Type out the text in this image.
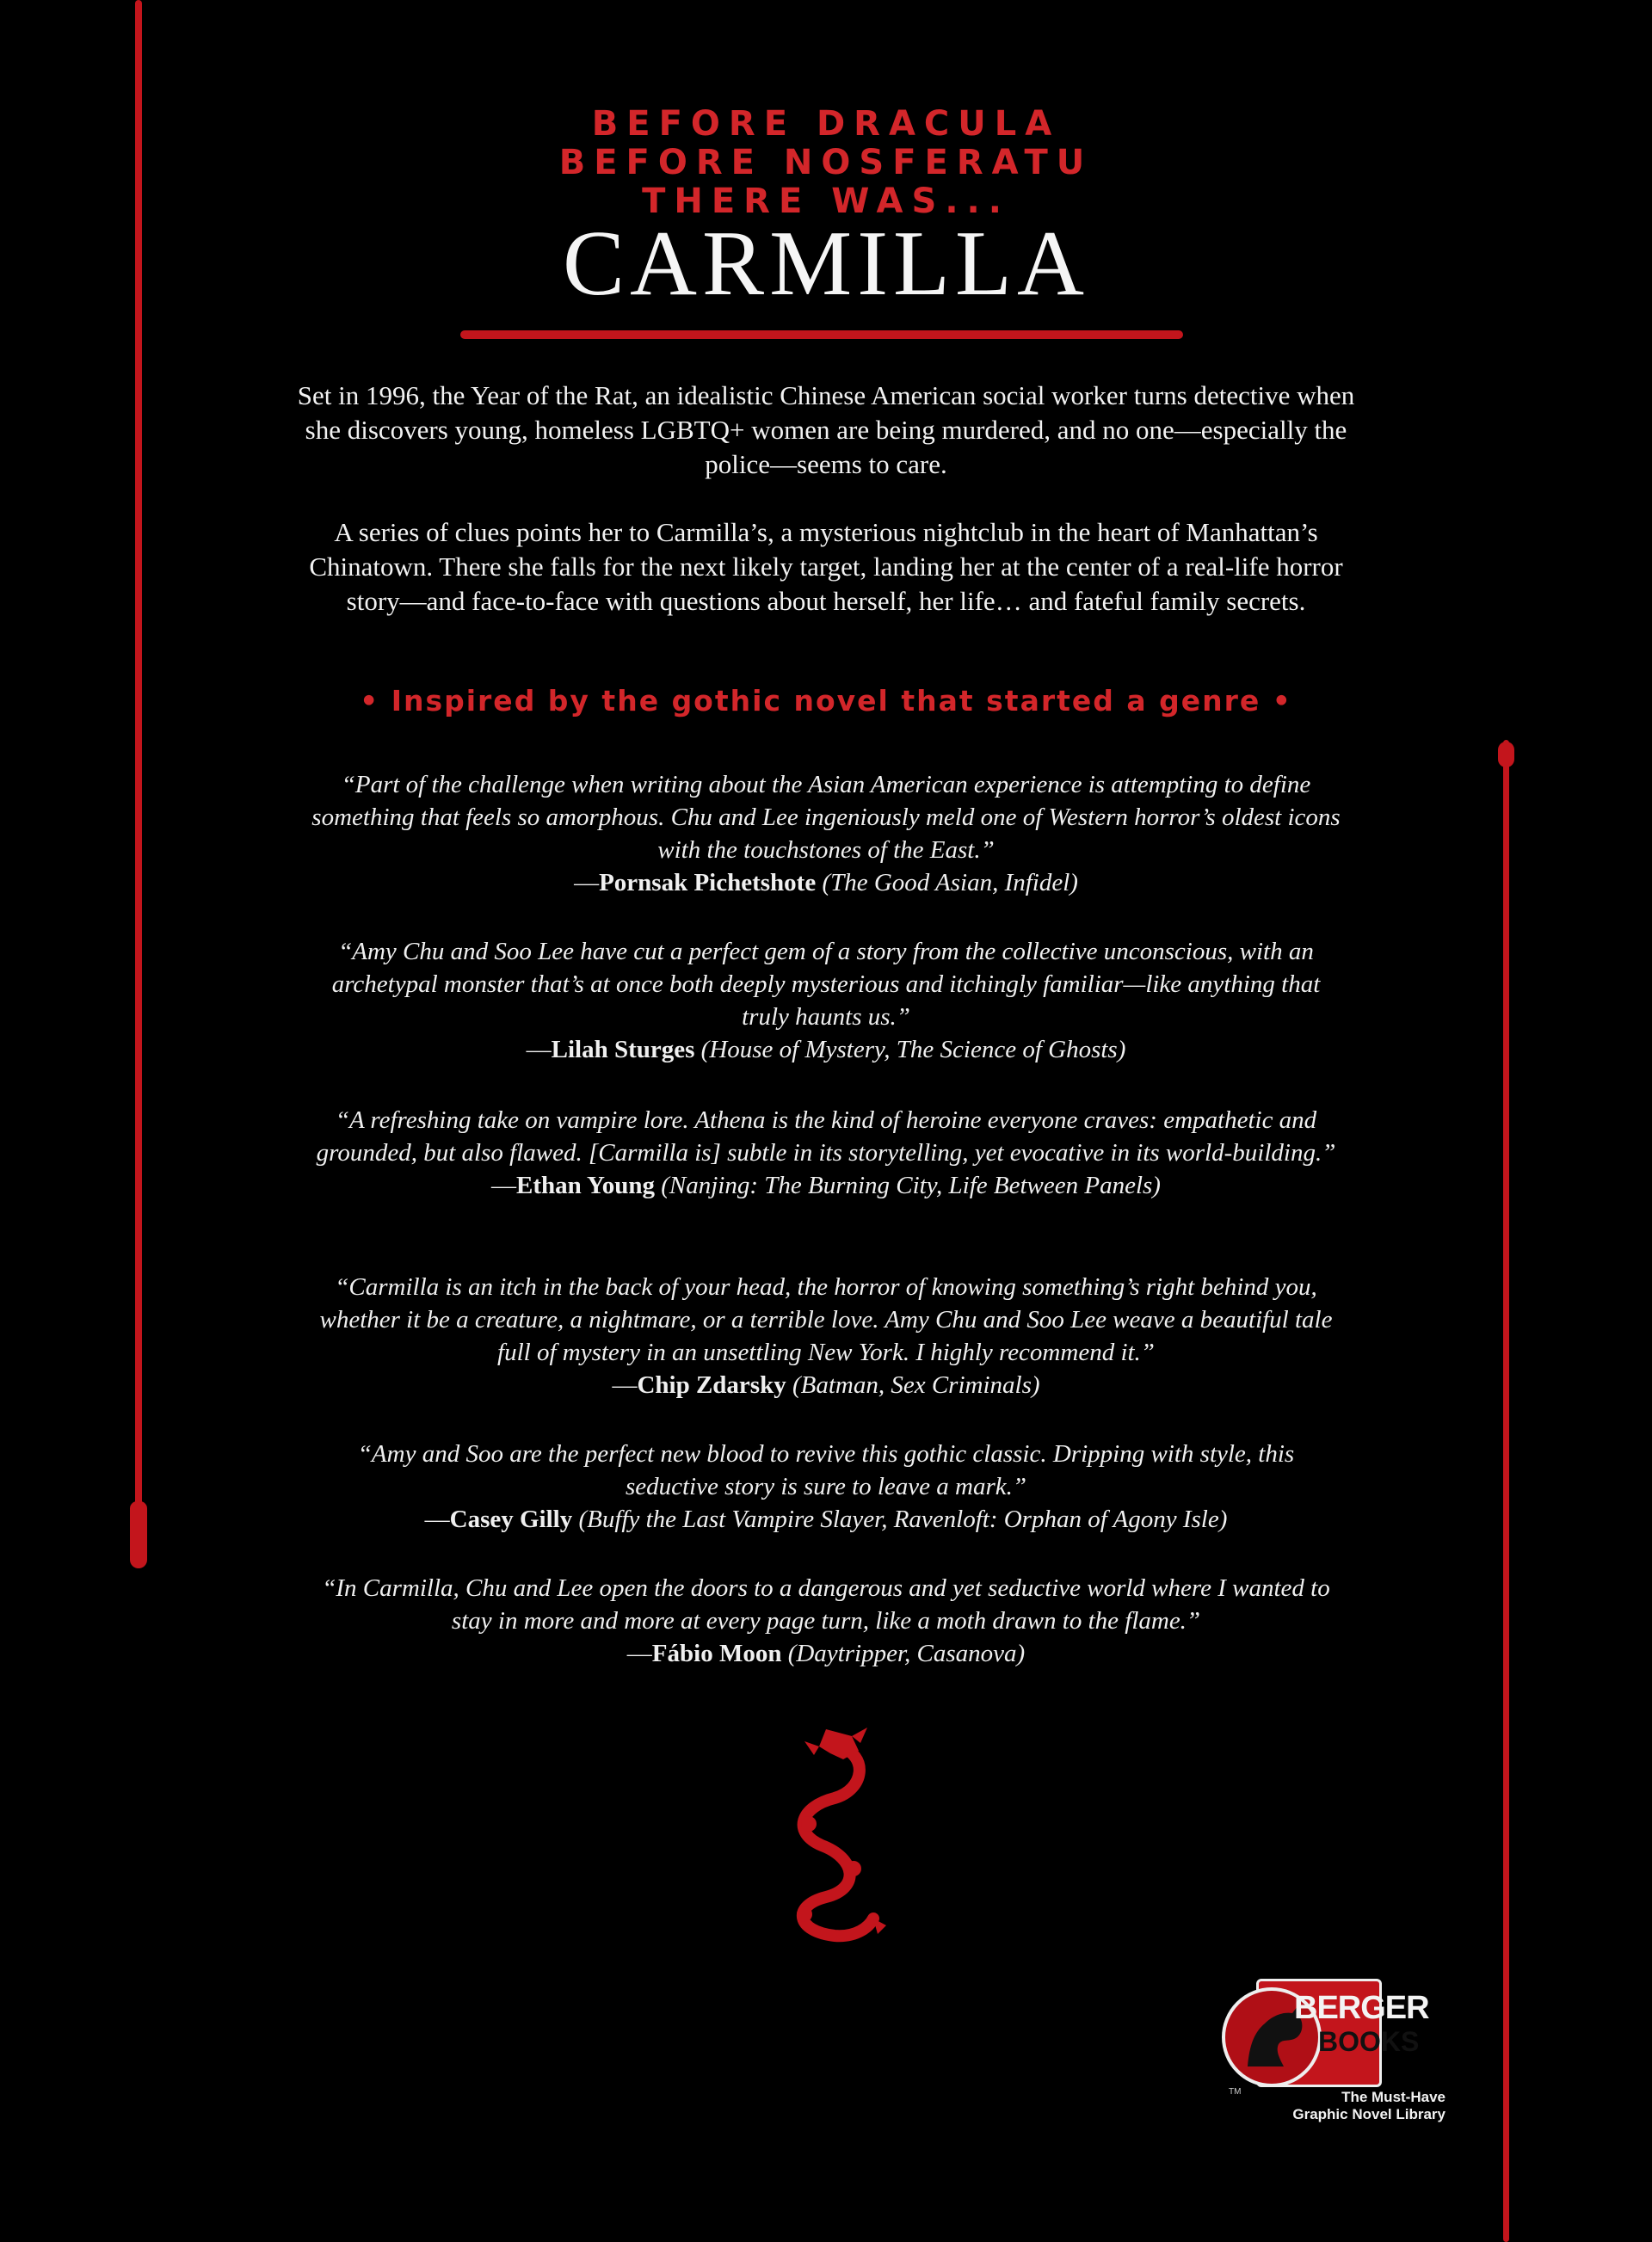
BEFORE DRACULA
BEFORE NOSFERATU
THERE WAS...
CARMILLA

Set in 1996, the Year of the Rat, an idealistic Chinese American social worker turns detective when she discovers young, homeless LGBTQ+ women are being murdered, and no one—especially the police—seems to care.

A series of clues points her to Carmilla’s, a mysterious nightclub in the heart of Manhattan’s Chinatown. There she falls for the next likely target, landing her at the center of a real-life horror story—and face-to-face with questions about herself, her life… and fateful family secrets.

• Inspired by the gothic novel that started a genre •
“Part of the challenge when writing about the Asian American experience is attempting to define something that feels so amorphous. Chu and Lee ingeniously meld one of Western horror’s oldest icons with the touchstones of the East.”
—Pornsak Pichetshote (The Good Asian, Infidel)
“Amy Chu and Soo Lee have cut a perfect gem of a story from the collective unconscious, with an archetypal monster that’s at once both deeply mysterious and itchingly familiar—like anything that truly haunts us.”
—Lilah Sturges (House of Mystery, The Science of Ghosts)
“A refreshing take on vampire lore. Athena is the kind of heroine everyone craves: empathetic and grounded, but also flawed. [Carmilla is] subtle in its storytelling, yet evocative in its world-building.”
—Ethan Young (Nanjing: The Burning City, Life Between Panels)
“Carmilla is an itch in the back of your head, the horror of knowing something’s right behind you, whether it be a creature, a nightmare, or a terrible love. Amy Chu and Soo Lee weave a beautiful tale full of mystery in an unsettling New York. I highly recommend it.”
—Chip Zdarsky (Batman, Sex Criminals)
“Amy and Soo are the perfect new blood to revive this gothic classic. Dripping with style, this seductive story is sure to leave a mark.”
—Casey Gilly (Buffy the Last Vampire Slayer, Ravenloft: Orphan of Agony Isle)
“In Carmilla, Chu and Lee open the doors to a dangerous and yet seductive world where I wanted to stay in more and more at every page turn, like a moth drawn to the flame.”
—Fábio Moon (Daytripper, Casanova)
BERGER
BOOKS
TM	The Must-Have
Graphic Novel Library
